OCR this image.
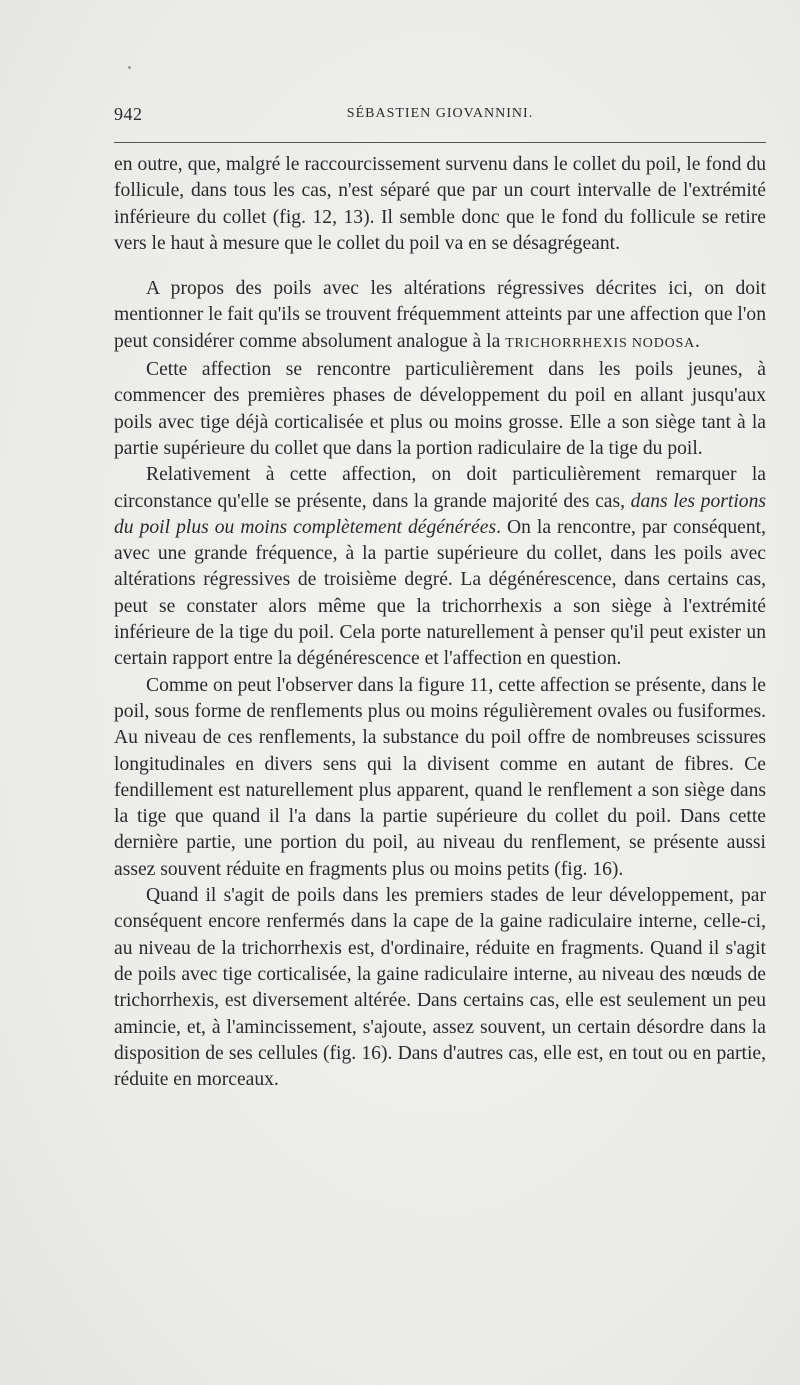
942	SÉBASTIEN GIOVANNINI.

en outre, que, malgré le raccourcissement survenu dans le collet du poil, le fond du follicule, dans tous les cas, n'est séparé que par un court intervalle de l'extrémité inférieure du collet (fig. 12, 13). Il semble donc que le fond du follicule se retire vers le haut à mesure que le collet du poil va en se désagrégeant.

A propos des poils avec les altérations régressives décrites ici, on doit mentionner le fait qu'ils se trouvent fréquemment atteints par une affection que l'on peut considérer comme absolument analogue à la TRICHORRHEXIS NODOSA.

Cette affection se rencontre particulièrement dans les poils jeunes, à commencer des premières phases de développement du poil en allant jusqu'aux poils avec tige déjà corticalisée et plus ou moins grosse. Elle a son siège tant à la partie supérieure du collet que dans la portion radiculaire de la tige du poil.

Relativement à cette affection, on doit particulièrement remarquer la circonstance qu'elle se présente, dans la grande majorité des cas, dans les portions du poil plus ou moins complètement dégénérées. On la rencontre, par conséquent, avec une grande fréquence, à la partie supérieure du collet, dans les poils avec altérations régressives de troisième degré. La dégénérescence, dans certains cas, peut se constater alors même que la trichorrhexis a son siège à l'extrémité inférieure de la tige du poil. Cela porte naturellement à penser qu'il peut exister un certain rapport entre la dégénérescence et l'affection en question.

Comme on peut l'observer dans la figure 11, cette affection se présente, dans le poil, sous forme de renflements plus ou moins régulièrement ovales ou fusiformes. Au niveau de ces renflements, la substance du poil offre de nombreuses scissures longitudinales en divers sens qui la divisent comme en autant de fibres. Ce fendillement est naturellement plus apparent, quand le renflement a son siège dans la tige que quand il l'a dans la partie supérieure du collet du poil. Dans cette dernière partie, une portion du poil, au niveau du renflement, se présente aussi assez souvent réduite en fragments plus ou moins petits (fig. 16).

Quand il s'agit de poils dans les premiers stades de leur développement, par conséquent encore renfermés dans la cape de la gaine radiculaire interne, celle-ci, au niveau de la trichorrhexis est, d'ordinaire, réduite en fragments. Quand il s'agit de poils avec tige corticalisée, la gaine radiculaire interne, au niveau des nœuds de trichorrhexis, est diversement altérée. Dans certains cas, elle est seulement un peu amincie, et, à l'amincissement, s'ajoute, assez souvent, un certain désordre dans la disposition de ses cellules (fig. 16). Dans d'autres cas, elle est, en tout ou en partie, réduite en morceaux.
